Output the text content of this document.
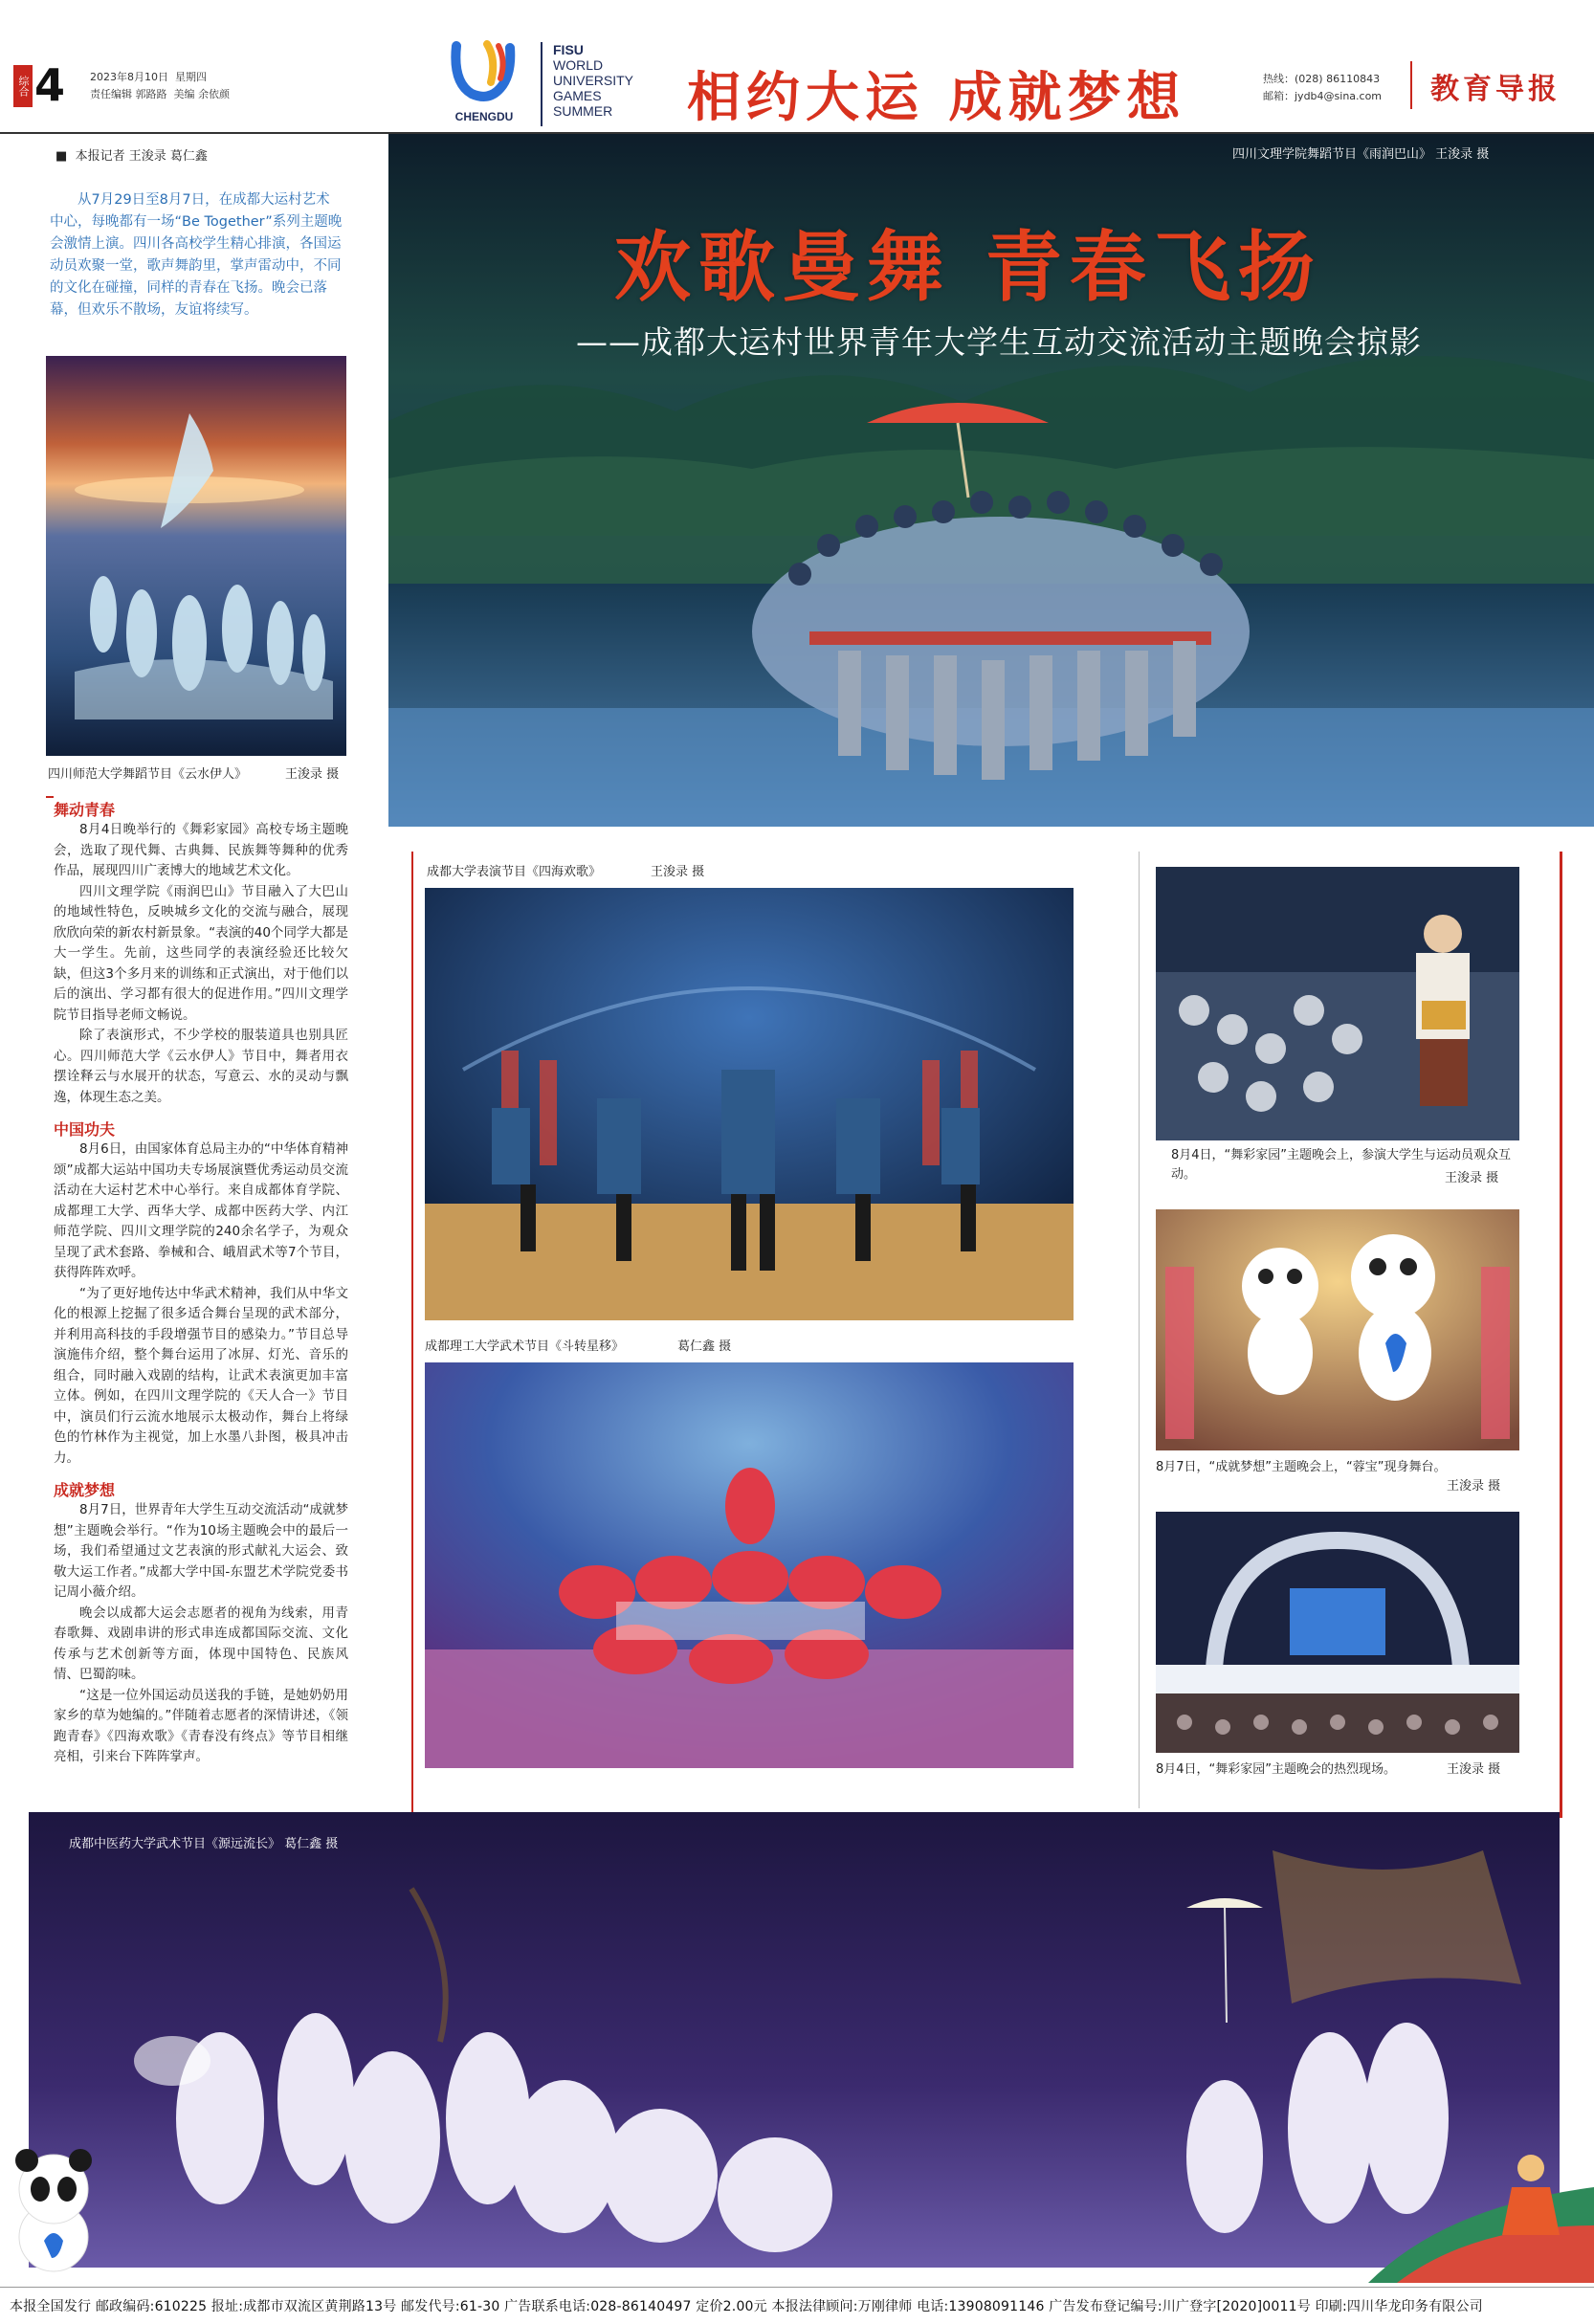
综合 4 2023年8月10日 星期四
责任编辑 郭路路 美编 余依颜
CHENGDU
FISU
WORLD
UNIVERSITY
GAMES
SUMMER	相约大运 成就梦想	热线：(028) 86110843
邮箱：jydb4@sina.com 教育导报
■  本报记者 王浚录 葛仁鑫
从7月29日至8月7日，在成都大运村艺术中心，每晚都有一场“Be Together”系列主题晚会激情上演。四川各高校学生精心排演，各国运动员欢聚一堂，歌声舞韵里，掌声雷动中，不同的文化在碰撞，同样的青春在飞扬。晚会已落幕，但欢乐不散场，友谊将续写。
四川师范大学舞蹈节目《云水伊人》	王浚录 摄
舞动青春

8月4日晚举行的《舞彩家园》高校专场主题晚会，选取了现代舞、古典舞、民族舞等舞种的优秀作品，展现四川广袤博大的地域艺术文化。

四川文理学院《雨润巴山》节目融入了大巴山的地域性特色，反映城乡文化的交流与融合，展现欣欣向荣的新农村新景象。“表演的40个同学大都是大一学生。先前，这些同学的表演经验还比较欠缺，但这3个多月来的训练和正式演出，对于他们以后的演出、学习都有很大的促进作用。”四川文理学院节目指导老师文畅说。

除了表演形式，不少学校的服装道具也别具匠心。四川师范大学《云水伊人》节目中，舞者用衣摆诠释云与水展开的状态，写意云、水的灵动与飘逸，体现生态之美。

中国功夫

8月6日，由国家体育总局主办的“中华体育精神颂”成都大运站中国功夫专场展演暨优秀运动员交流活动在大运村艺术中心举行。来自成都体育学院、成都理工大学、西华大学、成都中医药大学、内江师范学院、四川文理学院的240余名学子，为观众呈现了武术套路、拳械和合、峨眉武术等7个节目，获得阵阵欢呼。

“为了更好地传达中华武术精神，我们从中华文化的根源上挖掘了很多适合舞台呈现的武术部分，并利用高科技的手段增强节目的感染力。”节目总导演施伟介绍，整个舞台运用了冰屏、灯光、音乐的组合，同时融入戏剧的结构，让武术表演更加丰富立体。例如，在四川文理学院的《天人合一》节目中，演员们行云流水地展示太极动作，舞台上将绿色的竹林作为主视觉，加上水墨八卦图，极具冲击力。

成就梦想

8月7日，世界青年大学生互动交流活动“成就梦想”主题晚会举行。“作为10场主题晚会中的最后一场，我们希望通过文艺表演的形式献礼大运会、致敬大运工作者。”成都大学中国-东盟艺术学院党委书记周小薇介绍。

晚会以成都大运会志愿者的视角为线索，用青春歌舞、戏剧串讲的形式串连成都国际交流、文化传承与艺术创新等方面，体现中国特色、民族风情、巴蜀韵味。

“这是一位外国运动员送我的手链，是她奶奶用家乡的草为她编的。”伴随着志愿者的深情讲述，《领跑青春》《四海欢歌》《青春没有终点》等节目相继亮相，引来台下阵阵掌声。

四川文理学院舞蹈节目《雨润巴山》 王浚录 摄
欢歌曼舞 青春飞扬
——成都大运村世界青年大学生互动交流活动主题晚会掠影
成都大学表演节目《四海欢歌》	王浚录 摄
成都理工大学武术节目《斗转星移》	葛仁鑫 摄
8月4日，“舞彩家园”主题晚会上，参演大学生与运动员观众互动。	王浚录 摄
8月7日，“成就梦想”主题晚会上，“蓉宝”现身舞台。
王浚录 摄
8月4日，“舞彩家园”主题晚会的热烈现场。	王浚录 摄
成都中医药大学武术节目《源远流长》 葛仁鑫 摄
本报全国发行 邮政编码:610225 报址:成都市双流区黄荆路13号 邮发代号:61-30 广告联系电话:028-86140497 定价2.00元 本报法律顾问:万刚律师 电话:13908091146 广告发布登记编号:川广登字[2020]0011号 印刷:四川华龙印务有限公司
